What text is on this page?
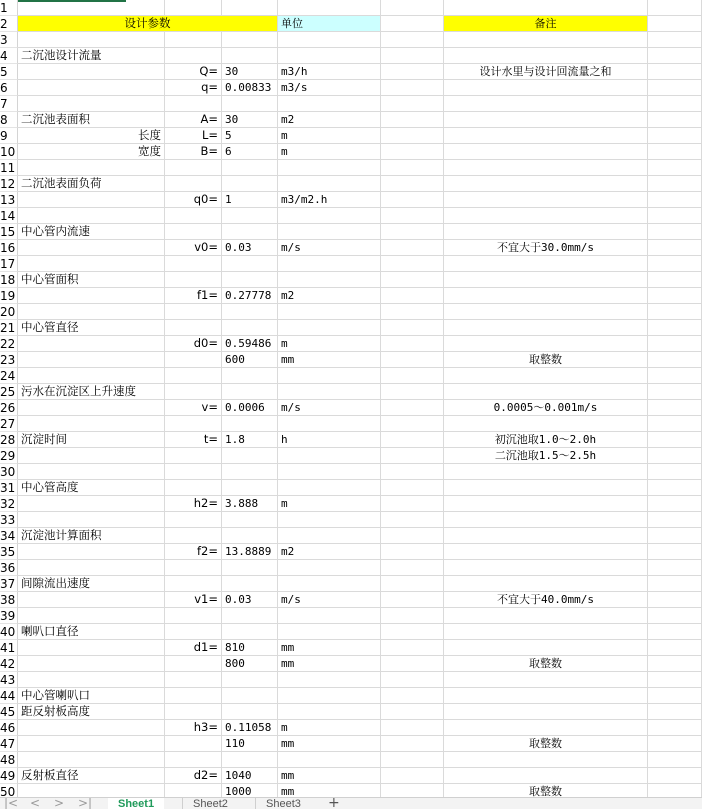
1
2	设计参数	单位	备注
3
4	二沉池设计流量
5	Q= 30	m3/h	设计水里与设计回流量之和
6	q= 0.00833 m3/s
7
8	二沉池表面积	A= 30	m2
9	长度	L= 5	m
10	宽度	B= 6	m
11
12 二沉池表面负荷
13	q0= 1	m3/m2.h
14
15 中心管内流速
16	v0= 0.03	m/s	不宜大于30.0mm/s
17
18 中心管面积
19	f1= 0.27778 m2
20
21 中心管直径
22	d0= 0.59486 m
23	600	mm	取整数
24
25 污水在沉淀区上升速度
26	v= 0.0006	m/s	0.0005～0.001m/s
27
28 沉淀时间	t= 1.8	h	初沉池取1.0～2.0h
29	二沉池取1.5～2.5h
30
31 中心管高度
32	h2= 3.888	m
33
34 沉淀池计算面积
35	f2= 13.8889 m2
36
37 间隙流出速度
38	v1= 0.03	m/s	不宜大于40.0mm/s
39
40 喇叭口直径
41	d1= 810	mm
42	800	mm	取整数
43
44 中心管喇叭口
45 距反射板高度
46	h3= 0.11058 m
47	110	mm	取整数
48
49 反射板直径	d2= 1040	mm
50	1000	mm	取整数
|< < > >|	Sheet1	Sheet2	Sheet3	+
